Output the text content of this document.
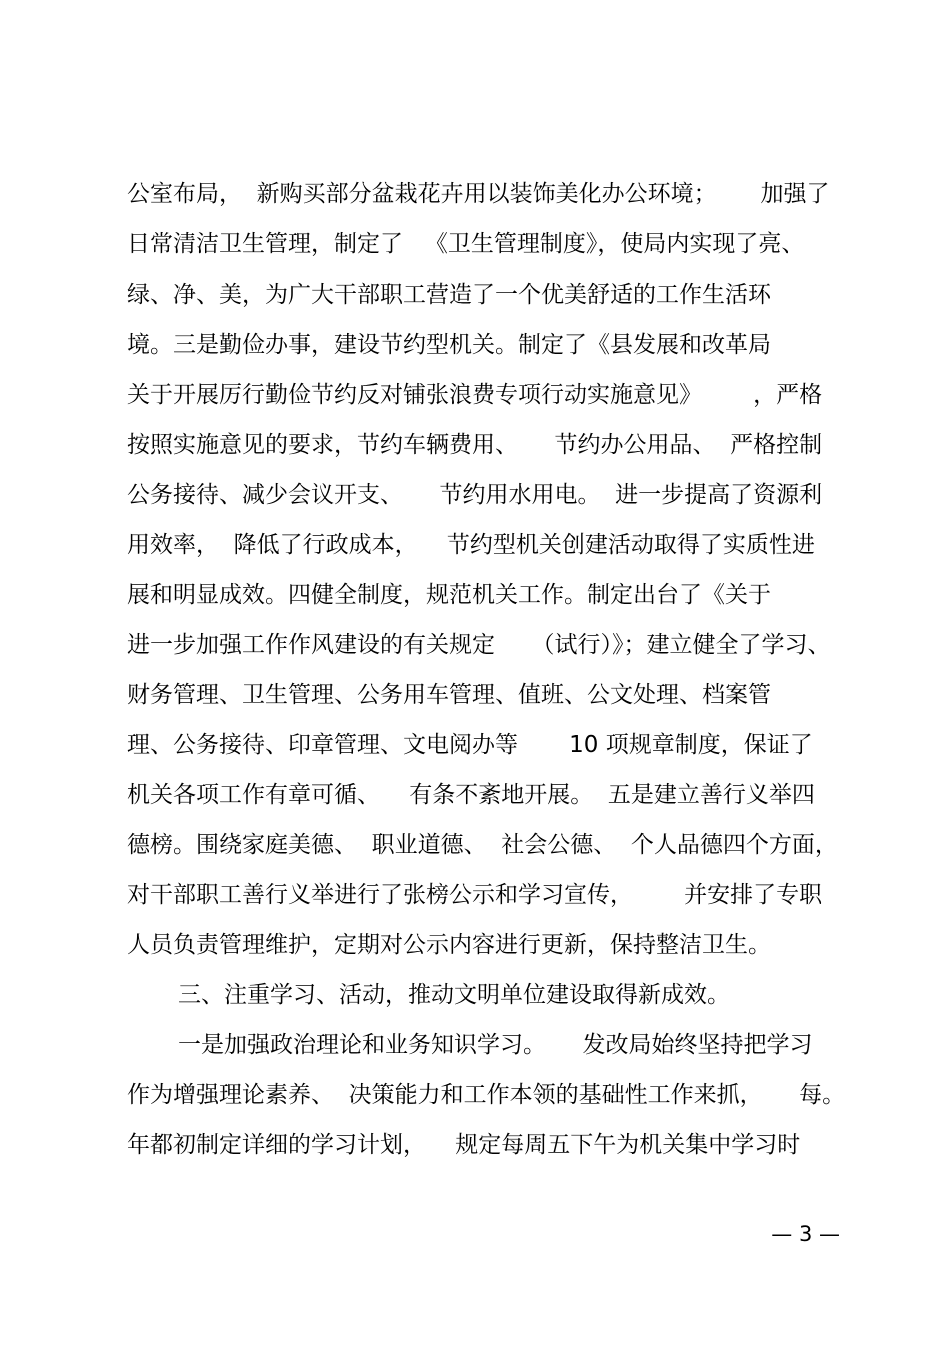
公室布局，  新购买部分盆栽花卉用以装饰美化办公环境；      加强了
日常清洁卫生管理，制定了   《卫生管理制度》，使局内实现了亮、
绿、净、美，为广大干部职工营造了一个优美舒适的工作生活环
境。三是勤俭办事，建设节约型机关。制定了《县发展和改革局
关于开展厉行勤俭节约反对铺张浪费专项行动实施意见》       ，严格
按照实施意见的要求，节约车辆费用、     节约办公用品、  严格控制
公务接待、减少会议开支、     节约用水用电。  进一步提高了资源利
用效率，  降低了行政成本，    节约型机关创建活动取得了实质性进
展和明显成效。四健全制度，规范机关工作。制定出台了《关于
进一步加强工作作风建设的有关规定     （试行）》；建立健全了学习、
财务管理、卫生管理、公务用车管理、值班、公文处理、档案管
理、公务接待、印章管理、文电阅办等       10 项规章制度，保证了
机关各项工作有章可循、    有条不紊地开展。  五是建立善行义举四
德榜。围绕家庭美德、  职业道德、  社会公德、  个人品德四个方面，
对干部职工善行义举进行了张榜公示和学习宣传，       并安排了专职
人员负责管理维护，定期对公示内容进行更新，保持整洁卫生。
三、注重学习、活动，推动文明单位建设取得新成效。
一是加强政治理论和业务知识学习。     发改局始终坚持把学习
作为增强理论素养、  决策能力和工作本领的基础性工作来抓，     每。
年都初制定详细的学习计划，    规定每周五下午为机关集中学习时
— 3 —
